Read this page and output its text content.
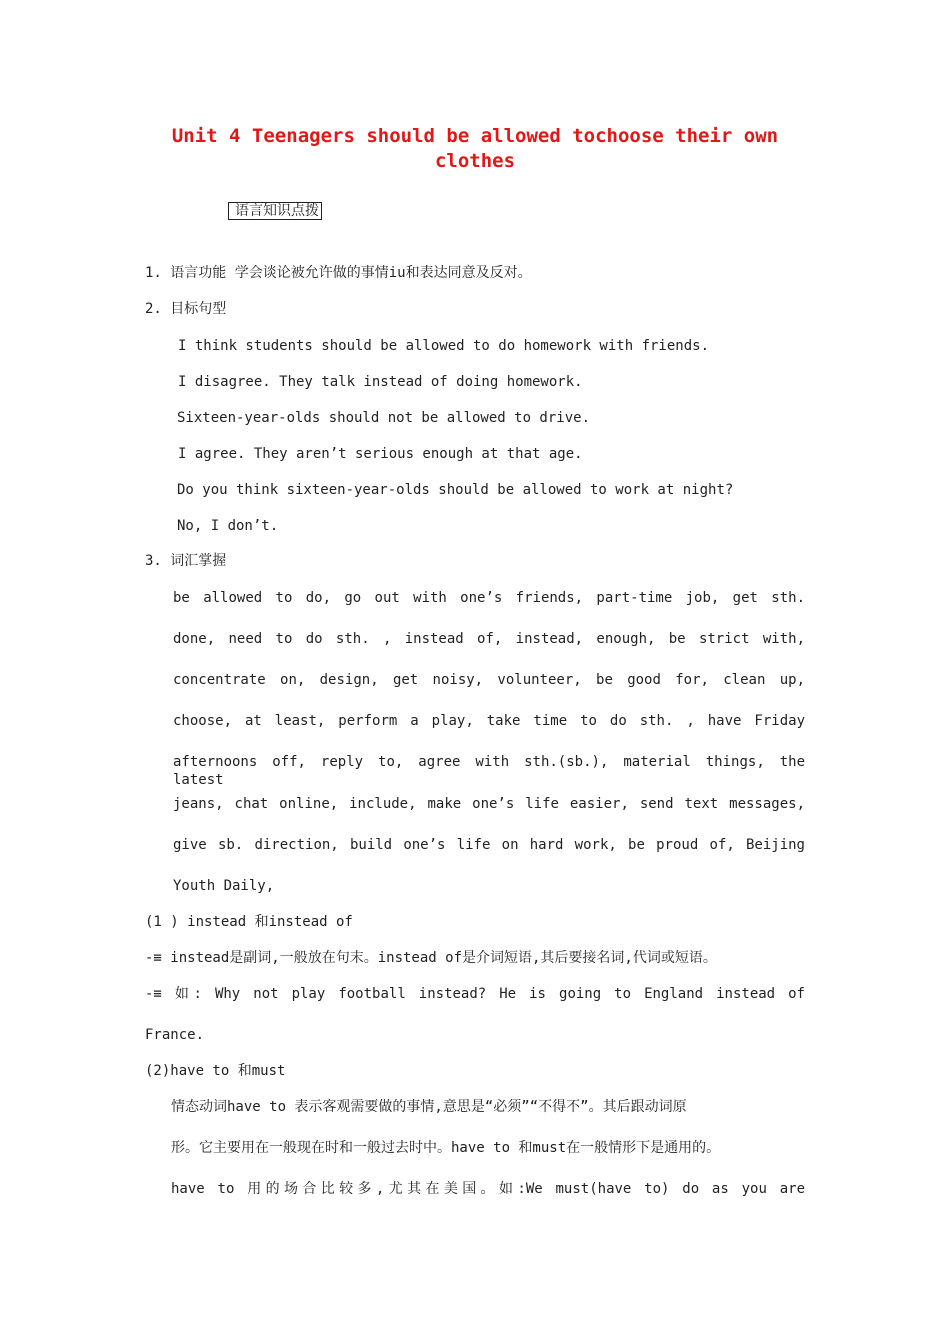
Unit 4 Teenagers should be allowed tochoose their own
clothes
语言知识点拨
1. 语言功能 学会谈论被允许做的事情iu和表达同意及反对。
2. 目标句型
I think students should be allowed to do homework with friends.
I disagree. They talk instead of doing homework.
Sixteen-year-olds should not be allowed to drive.
I agree. They aren’t serious enough at that age.
Do you think sixteen-year-olds should be allowed to work at night?
No, I don’t.
3. 词汇掌握
be allowed to do, go out with one’s friends, part-time job, get sth.
done, need to do sth. , instead of, instead, enough, be strict with,
concentrate on, design, get noisy, volunteer, be good for, clean up,
choose, at least, perform a play, take time to do sth. , have Friday
afternoons off, reply to, agree with sth.(sb.), material things, the latest
jeans, chat online, include, make one’s life easier, send text messages,
give sb. direction, build one’s life on hard work, be proud of, Beijing
Youth Daily,
(1 ) instead 和instead of
-≡ instead是副词,一般放在句末。instead of是介词短语,其后要接名词,代词或短语。
-≡ 如: Why not play football instead? He is going to England instead of
France.
(2)have to 和must
情态动词have to 表示客观需要做的事情,意思是“必须”“不得不”。其后跟动词原
形。它主要用在一般现在时和一般过去时中。have to 和must在一般情形下是通用的。
have to 用的场合比较多,尤其在美国。如:We must(have to) do as you are
